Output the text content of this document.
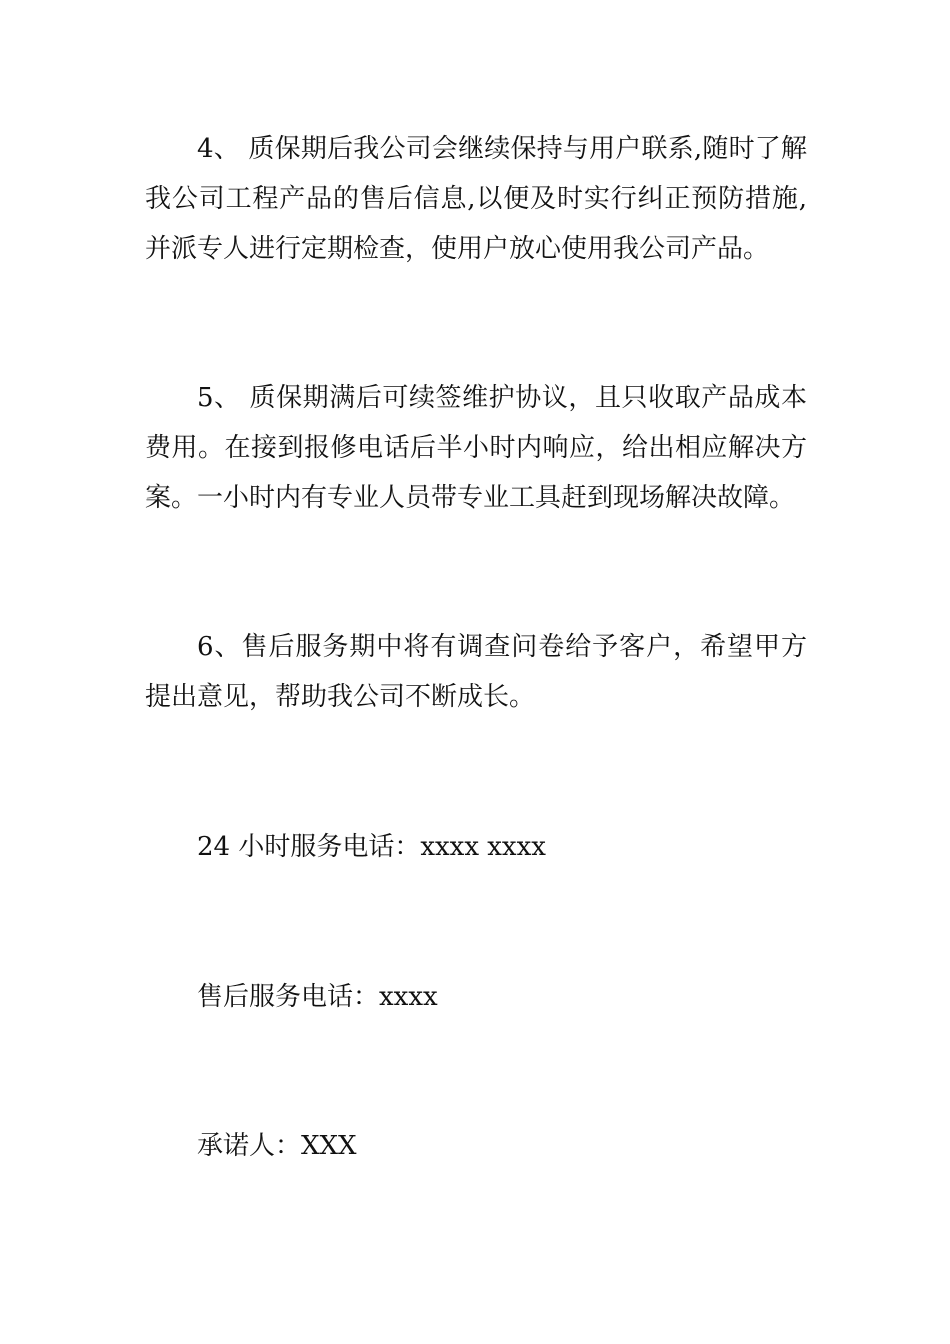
4、 质保期后我公司会继续保持与用户联系,随时了解我公司工程产品的售后信息,以便及时实行纠正预防措施,并派专人进行定期检查，使用户放心使用我公司产品。

5、 质保期满后可续签维护协议，且只收取产品成本费用。在接到报修电话后半小时内响应，给出相应解决方案。一小时内有专业人员带专业工具赶到现场解决故障。

6、售后服务期中将有调查问卷给予客户，希望甲方提出意见，帮助我公司不断成长。

24 小时服务电话：xxxx xxxx

售后服务电话：xxxx

承诺人：XXX
